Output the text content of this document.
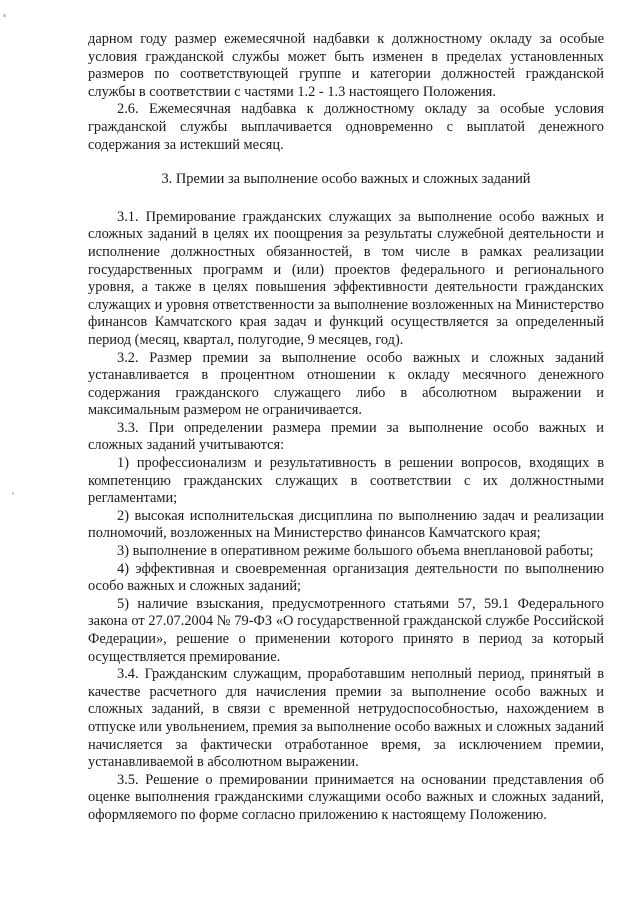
дарном году размер ежемесячной надбавки к должностному окладу за особые условия гражданской службы может быть изменен в пределах установленных размеров по соответствующей группе и категории должностей гражданской службы в соответствии с частями 1.2 - 1.3 настоящего Положения.

2.6. Ежемесячная надбавка к должностному окладу за особые условия гражданской службы выплачивается одновременно с выплатой денежного содержания за истекший месяц.

3. Премии за выполнение особо важных и сложных заданий

3.1. Премирование гражданских служащих за выполнение особо важных и сложных заданий в целях их поощрения за результаты служебной деятельности и исполнение должностных обязанностей, в том числе в рамках реализации государственных программ и (или) проектов федерального и регионального уровня, а также в целях повышения эффективности деятельности гражданских служащих и уровня ответственности за выполнение возложенных на Министерство финансов Камчатского края задач и функций осуществляется за определенный период (месяц, квартал, полугодие, 9 месяцев, год).

3.2. Размер премии за выполнение особо важных и сложных заданий устанавливается в процентном отношении к окладу месячного денежного содержания гражданского служащего либо в абсолютном выражении и максимальным размером не ограничивается.

3.3. При определении размера премии за выполнение особо важных и сложных заданий учитываются:

1) профессионализм и результативность в решении вопросов, входящих в компетенцию гражданских служащих в соответствии с их должностными регламентами;

2) высокая исполнительская дисциплина по выполнению задач и реализации полномочий, возложенных на Министерство финансов Камчатского края;

3) выполнение в оперативном режиме большого объема внеплановой работы;

4) эффективная и своевременная организация деятельности по выполнению особо важных и сложных заданий;

5) наличие взыскания, предусмотренного статьями 57, 59.1 Федерального закона от 27.07.2004 № 79-ФЗ «О государственной гражданской службе Российской Федерации», решение о применении которого принято в период за который осуществляется премирование.

3.4. Гражданским служащим, проработавшим неполный период, принятый в качестве расчетного для начисления премии за выполнение особо важных и сложных заданий, в связи с временной нетрудоспособностью, нахождением в отпуске или увольнением, премия за выполнение особо важных и сложных заданий начисляется за фактически отработанное время, за исключением премии, устанавливаемой в абсолютном выражении.

3.5. Решение о премировании принимается на основании представления об оценке выполнения гражданскими служащими особо важных и сложных заданий, оформляемого по форме согласно приложению к настоящему Положению.
